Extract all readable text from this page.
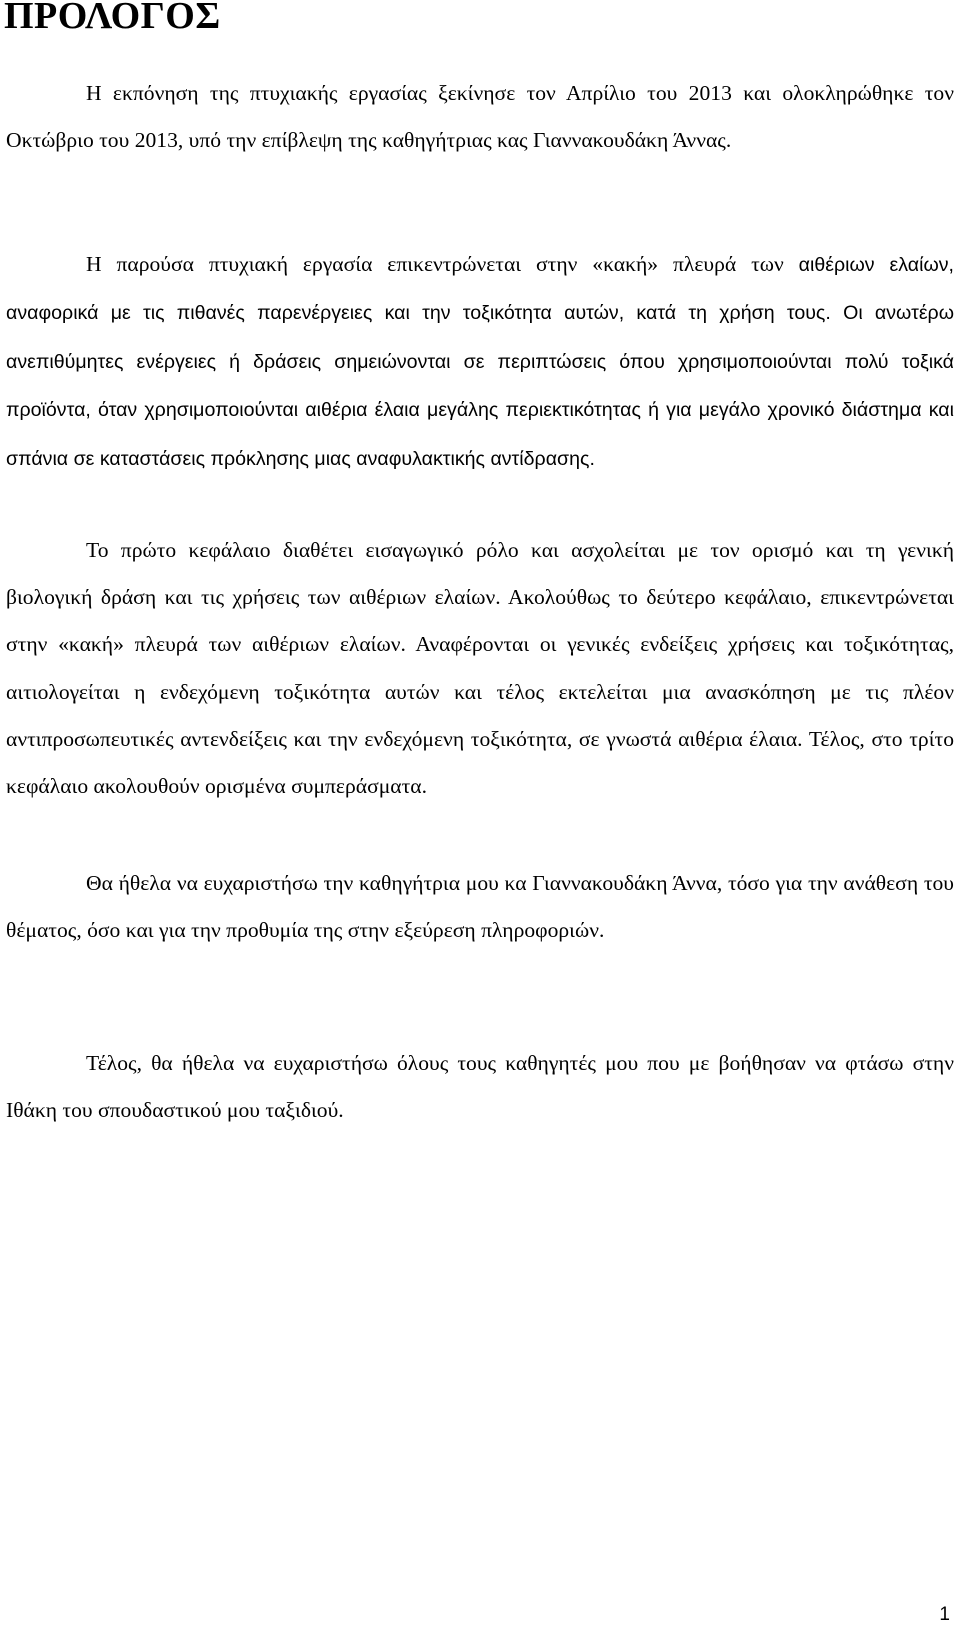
ΠΡΟΛΟΓΟΣ

Η εκπόνηση της πτυχιακής εργασίας ξεκίνησε τον Απρίλιο του 2013 και ολοκληρώθηκε τον Οκτώβριο του 2013, υπό την επίβλεψη της καθηγήτριας κας Γιαννακουδάκη Άννας.

Η παρούσα πτυχιακή εργασία επικεντρώνεται στην «κακή» πλευρά των αιθέριων ελαίων, αναφορικά με τις πιθανές παρενέργειες και την τοξικότητα αυτών, κατά τη χρήση τους. Οι ανωτέρω ανεπιθύμητες ενέργειες ή δράσεις σημειώνονται σε περιπτώσεις όπου χρησιμοποιούνται πολύ τοξικά προϊόντα, όταν χρησιμοποιούνται αιθέρια έλαια μεγάλης περιεκτικότητας ή για μεγάλο χρονικό διάστημα και σπάνια σε καταστάσεις πρόκλησης μιας αναφυλακτικής αντίδρασης.

Το πρώτο κεφάλαιο διαθέτει εισαγωγικό ρόλο και ασχολείται με τον ορισμό και τη γενική βιολογική δράση και τις χρήσεις των αιθέριων ελαίων. Ακολούθως το δεύτερο κεφάλαιο, επικεντρώνεται στην «κακή» πλευρά των αιθέριων ελαίων. Αναφέρονται οι γενικές ενδείξεις χρήσεις και τοξικότητας, αιτιολογείται η ενδεχόμενη τοξικότητα αυτών και τέλος εκτελείται μια ανασκόπηση με τις πλέον αντιπροσωπευτικές αντενδείξεις και την ενδεχόμενη τοξικότητα, σε γνωστά αιθέρια έλαια. Τέλος, στο τρίτο κεφάλαιο ακολουθούν ορισμένα συμπεράσματα.

Θα ήθελα να ευχαριστήσω την καθηγήτρια μου κα Γιαννακουδάκη Άννα, τόσο για την ανάθεση του θέματος, όσο και για την προθυμία της στην εξεύρεση πληροφοριών.

Τέλος, θα ήθελα να ευχαριστήσω όλους τους καθηγητές μου που με βοήθησαν να φτάσω στην Ιθάκη του σπουδαστικού μου ταξιδιού.

1
